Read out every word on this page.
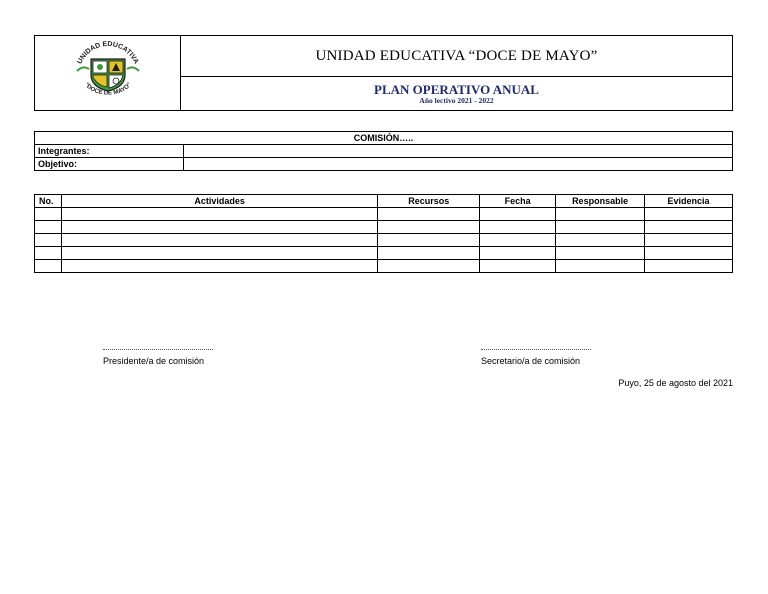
UNIDAD EDUCATIVA
“DOCE DE MAYO”
	UNIDAD EDUCATIVA “DOCE DE MAYO”

PLAN OPERATIVO ANUAL
Año lectivo 2021 - 2022
COMISIÓN…..	
Integrantes:	
Objetivo:	
No.	Actividades	Recursos	Fecha	Responsable	Evidencia

Presidente/a de comisión	Secretario/a de comisión
Puyo, 25 de agosto del 2021
